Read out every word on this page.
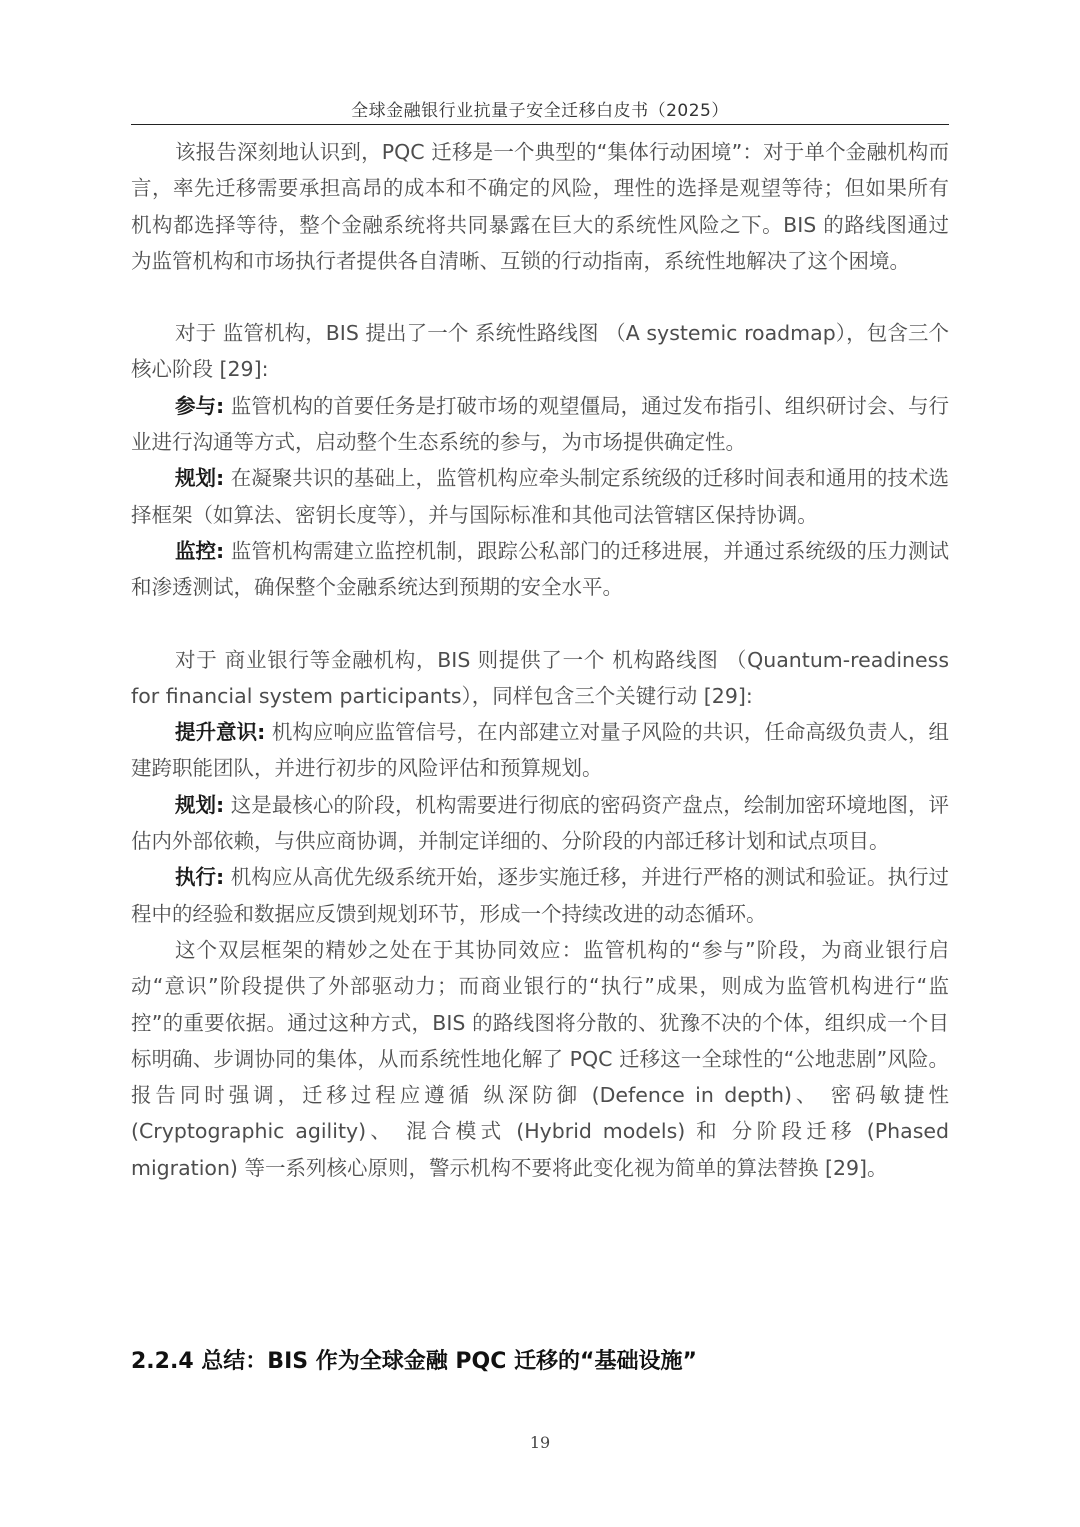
全球金融银行业抗量子安全迁移白皮书（2025）

该报告深刻地认识到，PQC 迁移是一个典型的“集体行动困境”：对于单个金融机构而言，率先迁移需要承担高昂的成本和不确定的风险，理性的选择是观望等待；但如果所有机构都选择等待，整个金融系统将共同暴露在巨大的系统性风险之下。BIS 的路线图通过为监管机构和市场执行者提供各自清晰、互锁的行动指南，系统性地解决了这个困境。

对于 监管机构，BIS 提出了一个 系统性路线图 （A systemic roadmap），包含三个核心阶段 [29]:

参与: 监管机构的首要任务是打破市场的观望僵局，通过发布指引、组织研讨会、与行业进行沟通等方式，启动整个生态系统的参与，为市场提供确定性。

规划: 在凝聚共识的基础上，监管机构应牵头制定系统级的迁移时间表和通用的技术选择框架（如算法、密钥长度等），并与国际标准和其他司法管辖区保持协调。

监控: 监管机构需建立监控机制，跟踪公私部门的迁移进展，并通过系统级的压力测试和渗透测试，确保整个金融系统达到预期的安全水平。

对于 商业银行等金融机构，BIS 则提供了一个 机构路线图 （Quantum-readiness for financial system participants），同样包含三个关键行动 [29]:

提升意识: 机构应响应监管信号，在内部建立对量子风险的共识，任命高级负责人，组建跨职能团队，并进行初步的风险评估和预算规划。

规划: 这是最核心的阶段，机构需要进行彻底的密码资产盘点，绘制加密环境地图，评估内外部依赖，与供应商协调，并制定详细的、分阶段的内部迁移计划和试点项目。

执行: 机构应从高优先级系统开始，逐步实施迁移，并进行严格的测试和验证。执行过程中的经验和数据应反馈到规划环节，形成一个持续改进的动态循环。

这个双层框架的精妙之处在于其协同效应：监管机构的“参与”阶段，为商业银行启动“意识”阶段提供了外部驱动力；而商业银行的“执行”成果，则成为监管机构进行“监控”的重要依据。通过这种方式，BIS 的路线图将分散的、犹豫不决的个体，组织成一个目标明确、步调协同的集体，从而系统性地化解了 PQC 迁移这一全球性的“公地悲剧”风险。报告同时强调，迁移过程应遵循 纵深防御 (Defence in depth)、 密码敏捷性 (Cryptographic agility)、 混合模式 (Hybrid models) 和 分阶段迁移 (Phased migration) 等一系列核心原则，警示机构不要将此变化视为简单的算法替换 [29]。

2.2.4 总结：BIS 作为全球金融 PQC 迁移的“基础设施”
19
